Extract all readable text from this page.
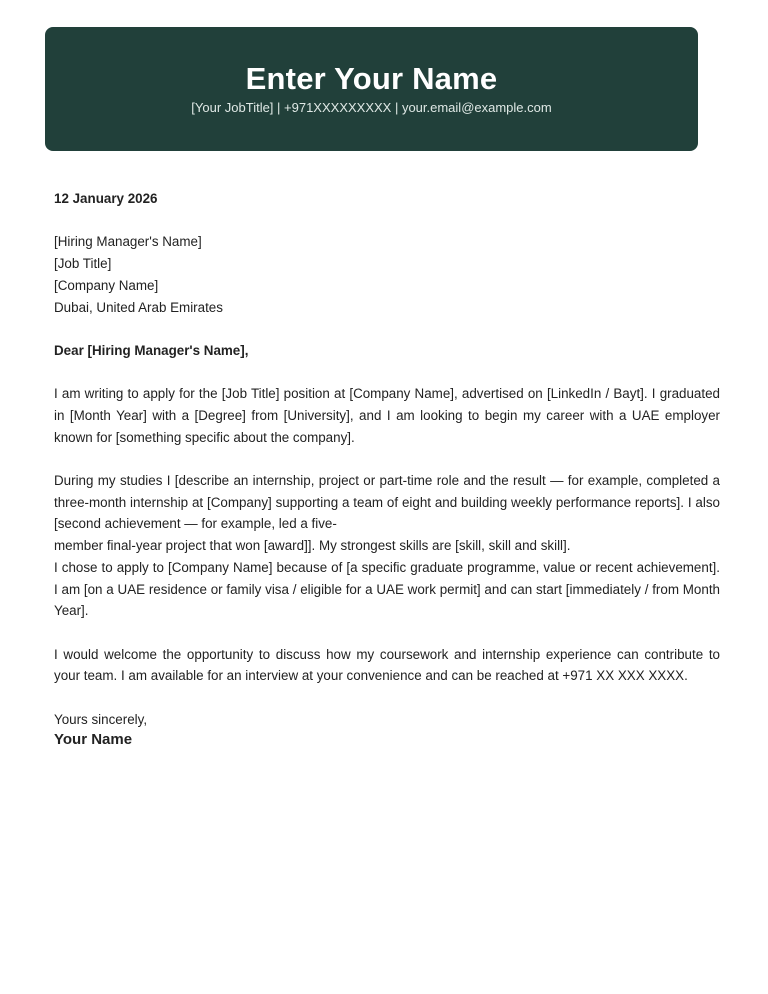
Enter Your Name
[Your JobTitle] | +971XXXXXXXXX | your.email@example.com
12 January 2026
[Hiring Manager's Name]
[Job Title]
[Company Name]
Dubai, United Arab Emirates
Dear [Hiring Manager's Name],
I am writing to apply for the [Job Title] position at [Company Name], advertised on [LinkedIn / Bayt]. I graduated in [Month Year] with a [Degree] from [University], and I am looking to begin my career with a UAE employer known for [something specific about the company].
During my studies I [describe an internship, project or part-time role and the result — for example, completed a three-month internship at [Company] supporting a team of eight and building weekly performance reports]. I also [second achievement — for example, led a five-
member final-year project that won [award]]. My strongest skills are [skill, skill and skill].
I chose to apply to [Company Name] because of [a specific graduate programme, value or recent achievement]. I am [on a UAE residence or family visa / eligible for a UAE work permit] and can start [immediately / from Month Year].
I would welcome the opportunity to discuss how my coursework and internship experience can contribute to your team. I am available for an interview at your convenience and can be reached at +971 XX XXX XXXX.
Yours sincerely,
Your Name
